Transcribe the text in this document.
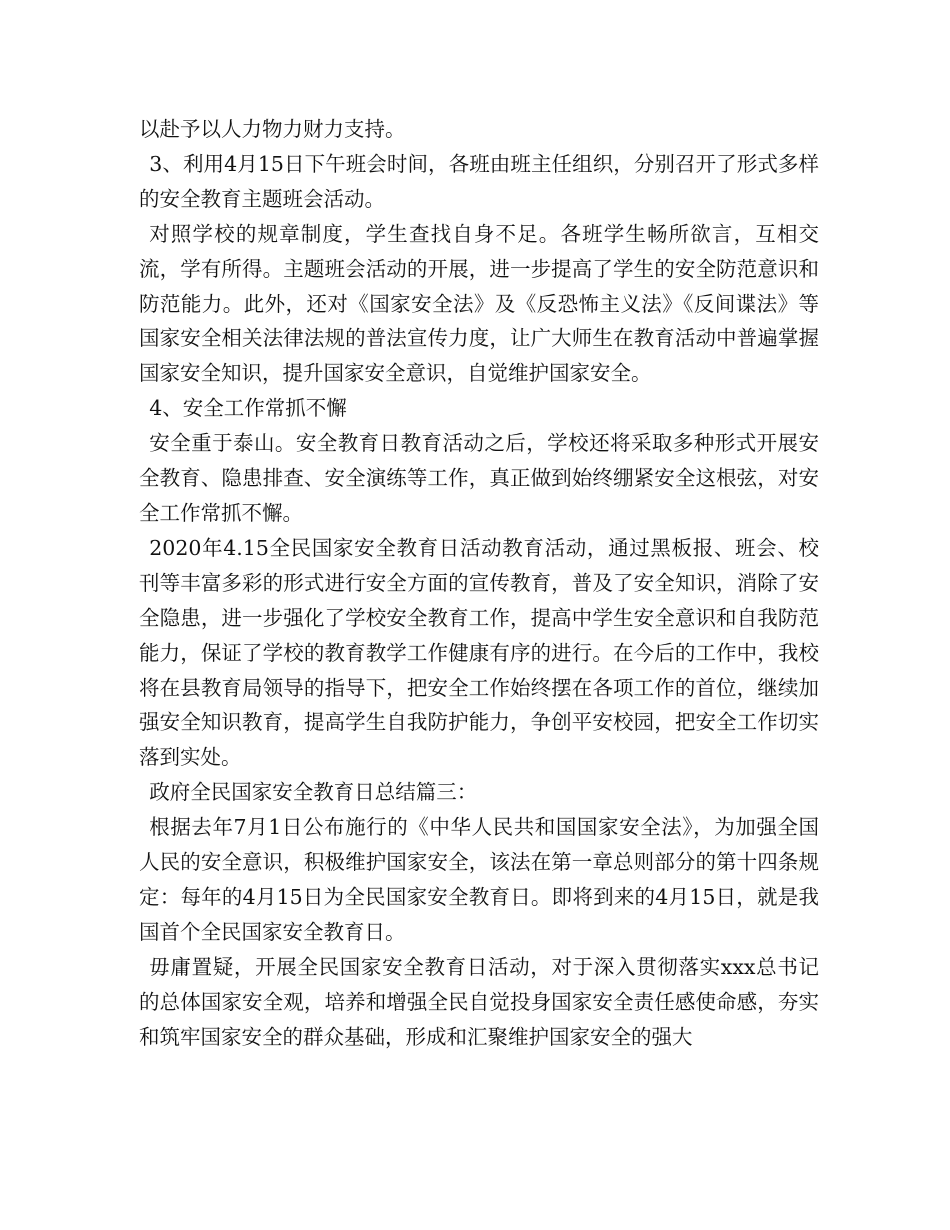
以赴予以人力物力财力支持。

3、利用4月15日下午班会时间，各班由班主任组织，分别召开了形式多样的安全教育主题班会活动。

对照学校的规章制度，学生查找自身不足。各班学生畅所欲言，互相交流，学有所得。主题班会活动的开展，进一步提高了学生的安全防范意识和防范能力。此外，还对《国家安全法》及《反恐怖主义法》《反间谍法》等国家安全相关法律法规的普法宣传力度，让广大师生在教育活动中普遍掌握国家安全知识，提升国家安全意识，自觉维护国家安全。

4、安全工作常抓不懈

安全重于泰山。安全教育日教育活动之后，学校还将采取多种形式开展安全教育、隐患排查、安全演练等工作，真正做到始终绷紧安全这根弦，对安全工作常抓不懈。

2020年4.15全民国家安全教育日活动教育活动，通过黑板报、班会、校刊等丰富多彩的形式进行安全方面的宣传教育，普及了安全知识，消除了安全隐患，进一步强化了学校安全教育工作，提高中学生安全意识和自我防范能力，保证了学校的教育教学工作健康有序的进行。在今后的工作中，我校将在县教育局领导的指导下，把安全工作始终摆在各项工作的首位，继续加强安全知识教育，提高学生自我防护能力，争创平安校园，把安全工作切实落到实处。

政府全民国家安全教育日总结篇三：

根据去年7月1日公布施行的《中华人民共和国国家安全法》，为加强全国人民的安全意识，积极维护国家安全，该法在第一章总则部分的第十四条规定：每年的4月15日为全民国家安全教育日。即将到来的4月15日，就是我国首个全民国家安全教育日。

毋庸置疑，开展全民国家安全教育日活动，对于深入贯彻落实xxx总书记的总体国家安全观，培养和增强全民自觉投身国家安全责任感使命感，夯实和筑牢国家安全的群众基础，形成和汇聚维护国家安全的强大
